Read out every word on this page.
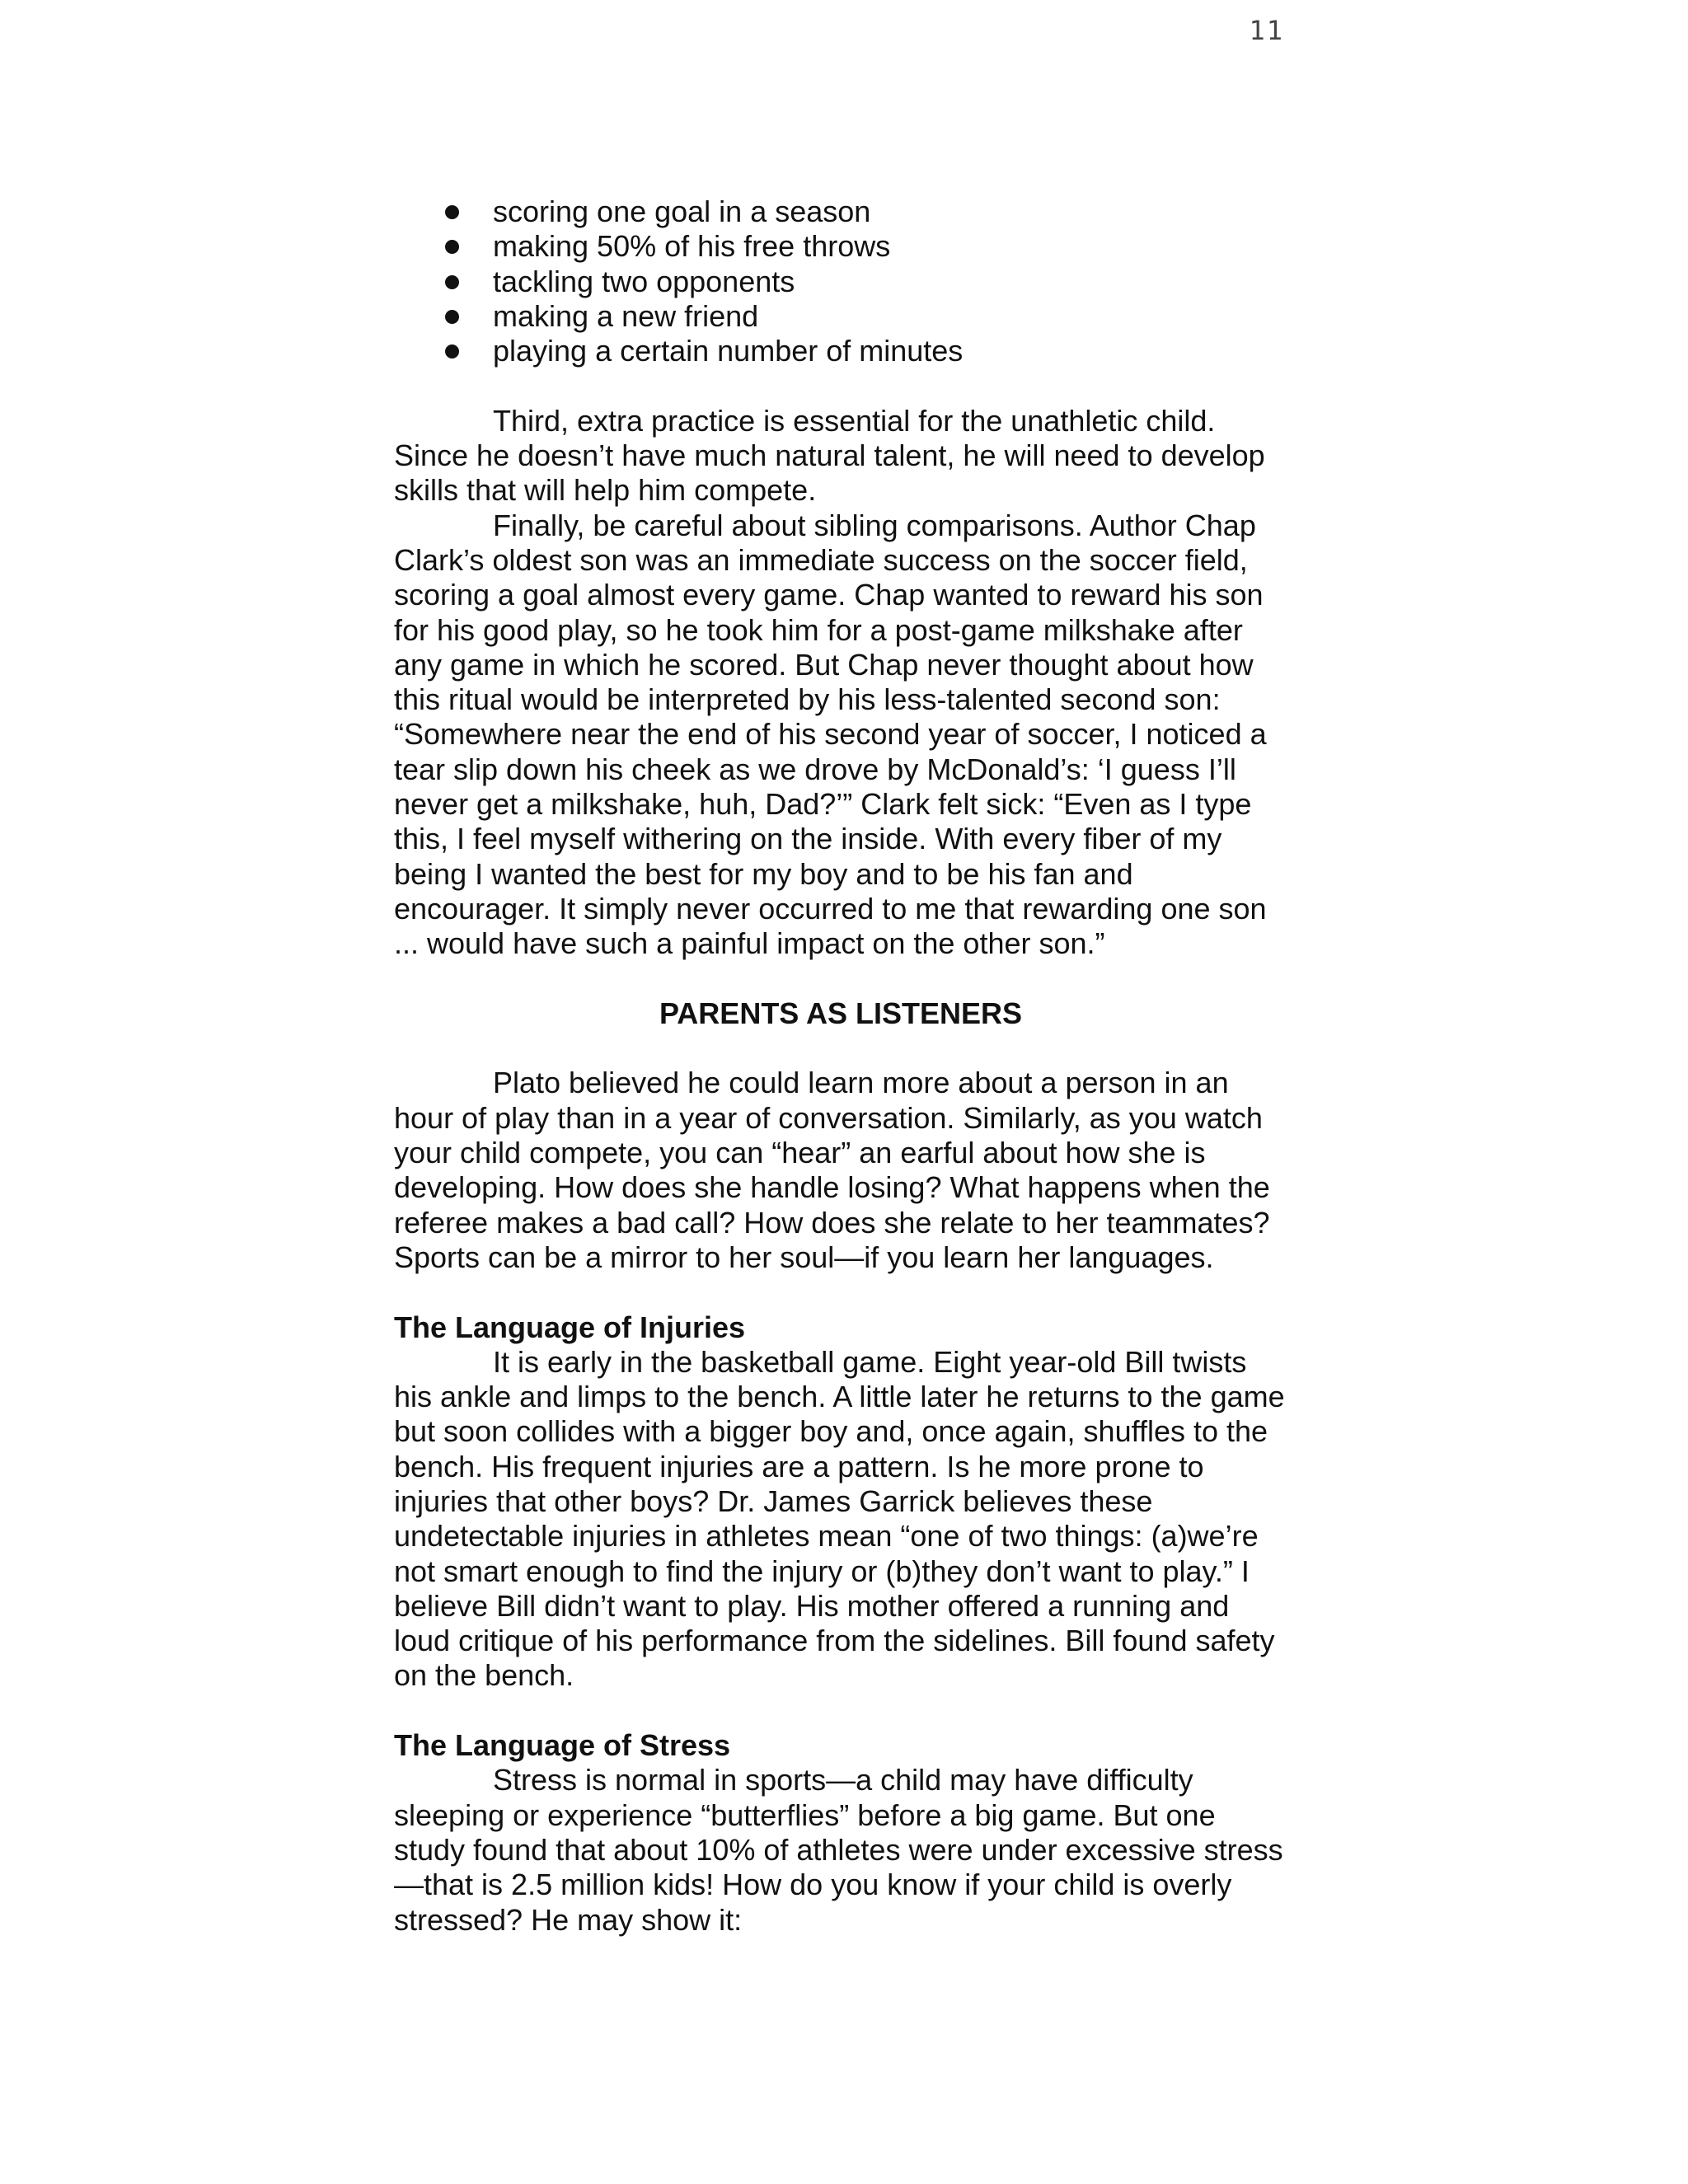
11
scoring one goal in a season
making 50% of his free throws
tackling two opponents
making a new friend
playing a certain number of minutes

Third, extra practice is essential for the unathletic child. Since he doesn’t have much natural talent, he will need to develop skills that will help him compete.

Finally, be careful about sibling comparisons. Author Chap Clark’s oldest son was an immediate success on the soccer field, scoring a goal almost every game. Chap wanted to reward his son for his good play, so he took him for a post-game milkshake after any game in which he scored. But Chap never thought about how this ritual would be interpreted by his less-talented second son: “Somewhere near the end of his second year of soccer, I noticed a tear slip down his cheek as we drove by McDonald’s: ‘I guess I’ll never get a milkshake, huh, Dad?’” Clark felt sick: “Even as I type this, I feel myself withering on the inside. With every fiber of my being I wanted the best for my boy and to be his fan and encourager. It simply never occurred to me that rewarding one son ... would have such a painful impact on the other son.”

PARENTS AS LISTENERS

Plato believed he could learn more about a person in an hour of play than in a year of conversation. Similarly, as you watch your child compete, you can “hear” an earful about how she is developing. How does she handle losing? What happens when the referee makes a bad call? How does she relate to her teammates? Sports can be a mirror to her soul—if you learn her languages.

The Language of Injuries

It is early in the basketball game. Eight year-old Bill twists his ankle and limps to the bench. A little later he returns to the game but soon collides with a bigger boy and, once again, shuffles to the bench. His frequent injuries are a pattern. Is he more prone to injuries that other boys? Dr. James Garrick believes these undetectable injuries in athletes mean “one of two things: (a)we’re not smart enough to find the injury or (b)they don’t want to play.” I believe Bill didn’t want to play. His mother offered a running and loud critique of his performance from the sidelines. Bill found safety on the bench.

The Language of Stress

Stress is normal in sports—a child may have difficulty sleeping or experience “butterflies” before a big game. But one study found that about 10% of athletes were under excessive stress—that is 2.5 million kids! How do you know if your child is overly stressed? He may show it:
